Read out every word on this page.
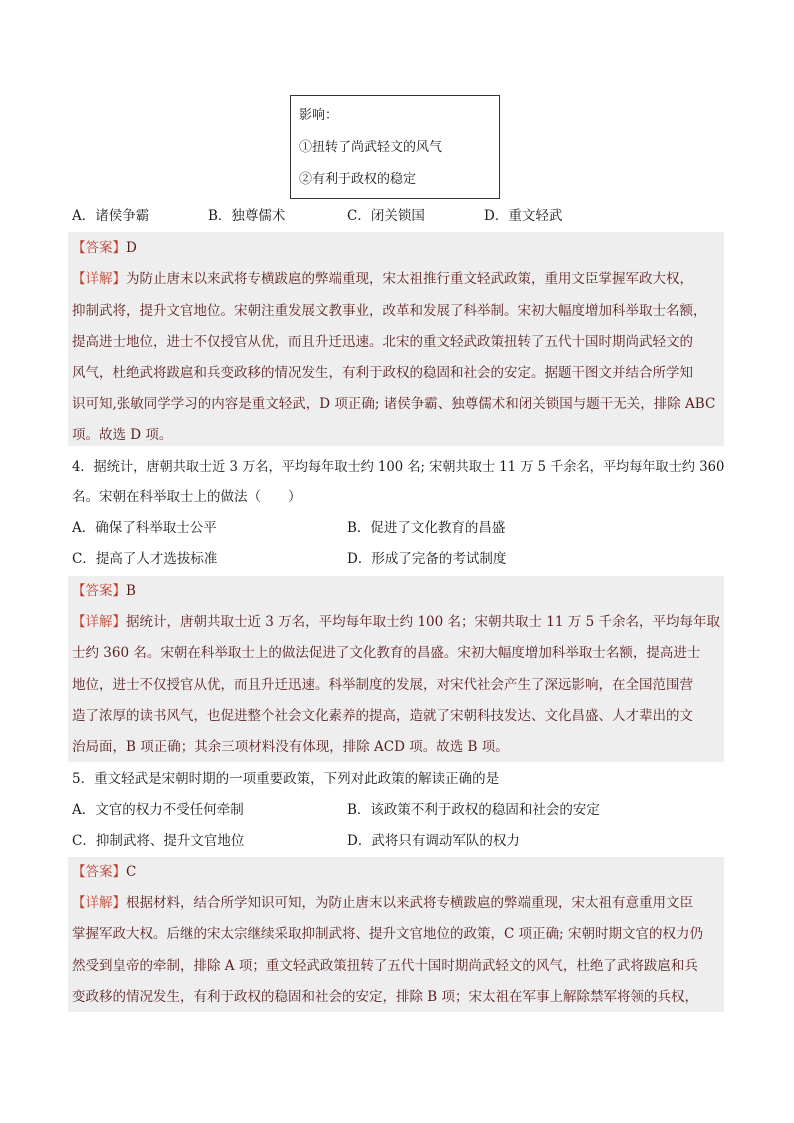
影响：
①扭转了尚武轻文的风气
②有利于政权的稳定
A．诸侯争霸	B．独尊儒术	C．闭关锁国	D．重文轻武
【答案】D
【详解】为防止唐末以来武将专横跋扈的弊端重现，宋太祖推行重文轻武政策，重用文臣掌握军政大权，
抑制武将，提升文官地位。宋朝注重发展文教事业，改革和发展了科举制。宋初大幅度增加科举取士名额，
提高进士地位，进士不仅授官从优，而且升迁迅速。北宋的重文轻武政策扭转了五代十国时期尚武轻文的
风气，杜绝武将跋扈和兵变政移的情况发生，有利于政权的稳固和社会的安定。据题干图文并结合所学知
识可知,张敏同学学习的内容是重文轻武，D 项正确; 诸侯争霸、独尊儒术和闭关锁国与题干无关，排除 ABC
项。故选 D 项。
4．据统计，唐朝共取士近 3 万名，平均每年取士约 100 名; 宋朝共取士 11 万 5 千余名，平均每年取士约 360
名。宋朝在科举取士上的做法（　　）
A．确保了科举取士公平	B．促进了文化教育的昌盛
C．提高了人才选拔标准	D．形成了完备的考试制度
【答案】B
【详解】据统计，唐朝共取士近 3 万名，平均每年取士约 100 名；宋朝共取士 11 万 5 千余名，平均每年取
士约 360 名。宋朝在科举取士上的做法促进了文化教育的昌盛。宋初大幅度增加科举取士名额，提高进士
地位，进士不仅授官从优，而且升迁迅速。科举制度的发展，对宋代社会产生了深远影响，在全国范围营
造了浓厚的读书风气，也促进整个社会文化素养的提高，造就了宋朝科技发达、文化昌盛、人才辈出的文
治局面，B 项正确；其余三项材料没有体现，排除 ACD 项。故选 B 项。
5．重文轻武是宋朝时期的一项重要政策，下列对此政策的解读正确的是
A．文官的权力不受任何牵制	B．该政策不利于政权的稳固和社会的安定
C．抑制武将、提升文官地位	D．武将只有调动军队的权力
【答案】C
【详解】根据材料，结合所学知识可知，为防止唐末以来武将专横跋扈的弊端重现，宋太祖有意重用文臣
掌握军政大权。后继的宋太宗继续采取抑制武将、提升文官地位的政策，C 项正确; 宋朝时期文官的权力仍
然受到皇帝的牵制，排除 A 项；重文轻武政策扭转了五代十国时期尚武轻文的风气，杜绝了武将跋扈和兵
变政移的情况发生，有利于政权的稳固和社会的安定，排除 B 项；宋太祖在军事上解除禁军将领的兵权，
